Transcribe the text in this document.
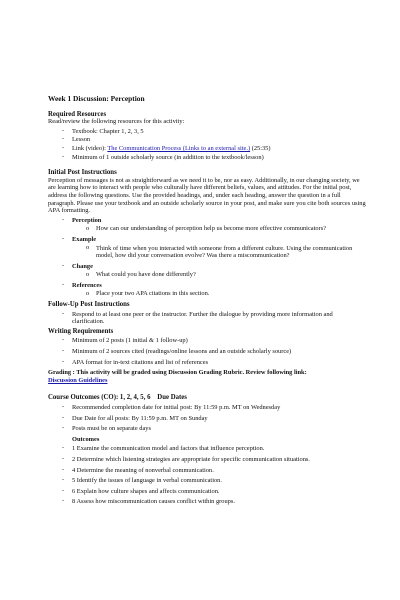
Week 1 Discussion: Perception
Required Resources

Read/review the following resources for this activity:

- Textbook: Chapter 1, 2, 3, 5
- Lesson
- Link (video): The Communication Process (Links to an external site.) (25:35)
- Minimum of 1 outside scholarly source (in addition to the textbook/lesson)
Initial Post Instructions

Perception of messages is not as straightforward as we need it to be, nor as easy. Additionally, in our changing society, we are learning how to interact with people who culturally have different beliefs, values, and attitudes. For the initial post, address the following questions. Use the provided headings, and, under each heading, answer the question in a full paragraph. Please use your textbook and an outside scholarly source in your post, and make sure you cite both sources using APA formatting.

- Perception
o How can our understanding of perception help us become more effective communicators?
- Example
o Think of time when you interacted with someone from a different culture. Using the communication model, how did your conversation evolve? Was there a miscommunication?
- Change
o What could you have done differently?
- References
o Place your two APA citations in this section.
Follow-Up Post Instructions
- Respond to at least one peer or the instructor. Further the dialogue by providing more information and clarification.
Writing Requirements
- Minimum of 2 posts (1 initial & 1 follow-up)
- Minimum of 2 sources cited (readings/online lessons and an outside scholarly source)
- APA format for in-text citations and list of references

Grading : This activity will be graded using Discussion Grading Rubric. Review following link:

Discussion Guidelines
Course Outcomes (CO): 1, 2, 4, 5, 6    Due Dates
- Recommended completion date for initial post: By 11:59 p.m. MT on Wednesday
- Due Date for all posts: By 11:59 p.m. MT on Sunday
- Posts must be on separate days
Outcomes
- 1 Examine the communication model and factors that influence perception.
- 2 Determine which listening strategies are appropriate for specific communication situations.
- 4 Determine the meaning of nonverbal communication.
- 5 Identify the issues of language in verbal communication.
- 6 Explain how culture shapes and affects communication.
- 8 Assess how miscommunication causes conflict within groups.
